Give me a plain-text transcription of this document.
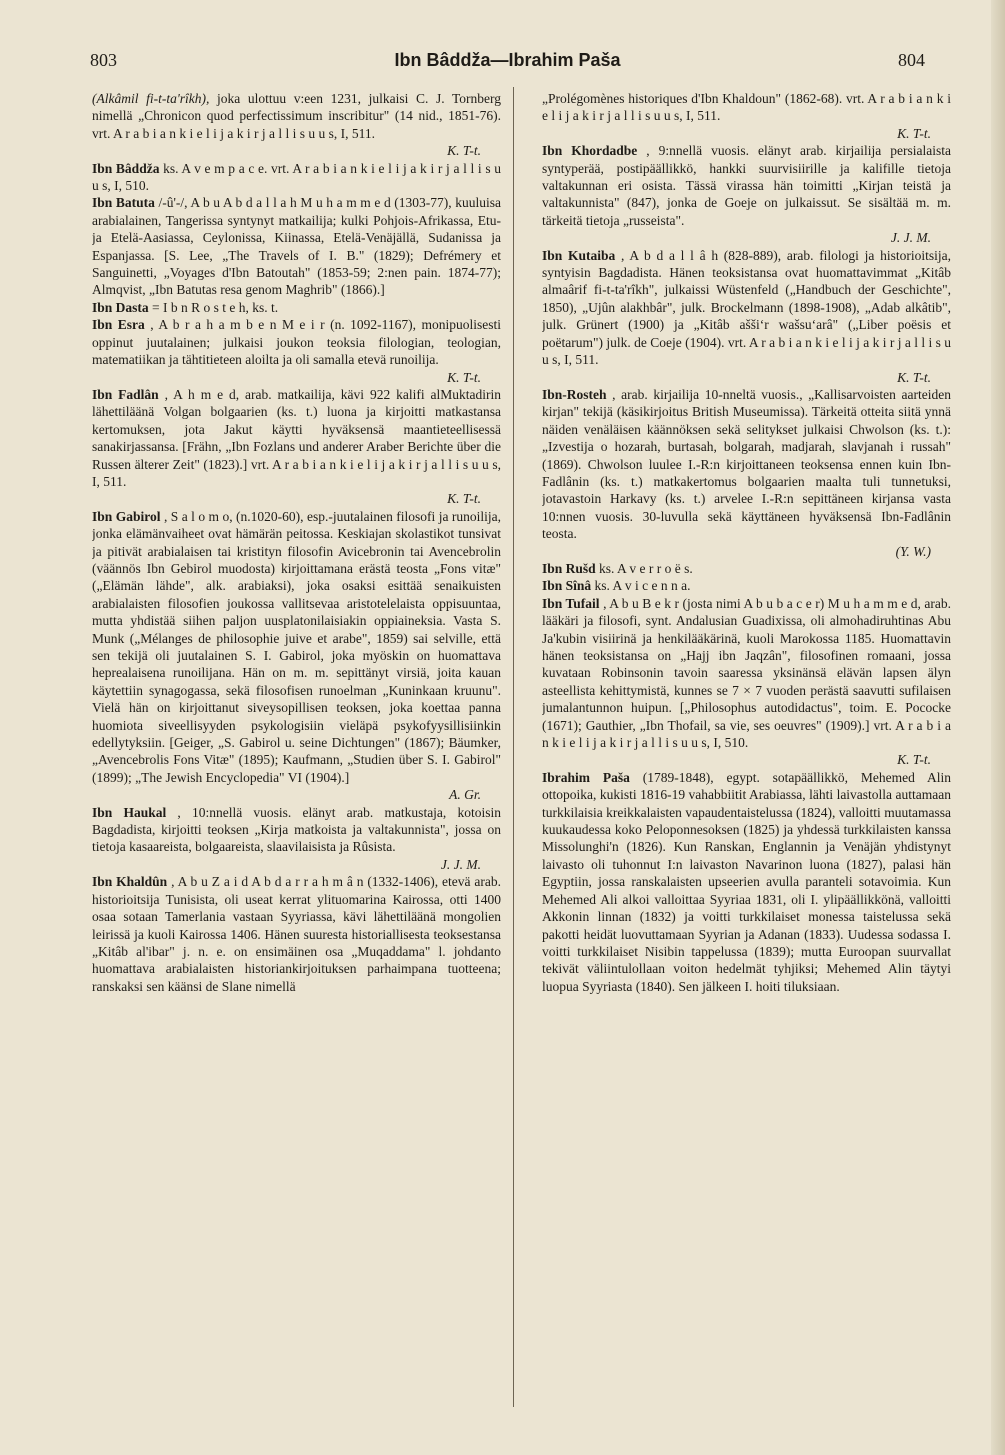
803	Ibn Bâddža—Ibrahim Paša	804

(Alkâmil fi-t-ta'rîkh), joka ulottuu v:een 1231, julkaisi C. J. Tornberg nimellä „Chronicon quod perfectissimum inscribitur" (14 nid., 1851-76). vrt. A r a b i a n k i e l i j a k i r j a l l i s u u s, I, 511.
K. T-t.

Ibn Bâddža ks. A v e m p a c e. vrt. A r a b i a n k i e l i j a k i r j a l l i s u u s, I, 510.

Ibn Batuta /-û'-/, A b u A b d a l l a h M u h a m m e d (1303-77), kuuluisa arabialainen, Tangerissa syntynyt matkailija; kulki Pohjois-Afrikassa, Etu- ja Etelä-Aasiassa, Ceylonissa, Kiinassa, Etelä-Venäjällä, Sudanissa ja Espanjassa. [S. Lee, „The Travels of I. B." (1829); Defrémery et Sanguinetti, „Voyages d'Ibn Batoutah" (1853-59; 2:nen pain. 1874-77); Almqvist, „Ibn Batutas resa genom Maghrib" (1866).]

Ibn Dasta = I b n R o s t e h, ks. t.

Ibn Esra , A b r a h a m b e n M e i r (n. 1092-1167), monipuolisesti oppinut juutalainen; julkaisi joukon teoksia filologian, teologian, matematiikan ja tähtitieteen aloilta ja oli samalla etevä runoilija.
K. T-t.

Ibn Fadlân , A h m e d, arab. matkailija, kävi 922 kalifi alMuktadirin lähettiläänä Volgan bolgaarien (ks. t.) luona ja kirjoitti matkastansa kertomuksen, jota Jakut käytti hyväksensä maantieteellisessä sanakirjassansa. [Frähn, „Ibn Fozlans und anderer Araber Berichte über die Russen älterer Zeit" (1823).] vrt. A r a b i a n k i e l i j a k i r j a l l i s u u s, I, 511.
K. T-t.

Ibn Gabirol , S a l o m o, (n.1020-60), esp.-juutalainen filosofi ja runoilija, jonka elämänvaiheet ovat hämärän peitossa. Keskiajan skolastikot tunsivat ja pitivät arabialaisen tai kristityn filosofin Avicebronin tai Avencebrolin (väännös Ibn Gebirol muodosta) kirjoittamana erästä teosta „Fons vitæ" („Elämän lähde", alk. arabiaksi), joka osaksi esittää senaikuisten arabialaisten filosofien joukossa vallitsevaa aristotelelaista oppisuuntaa, mutta yhdistää siihen paljon uusplatonilaisiakin oppiaineksia. Vasta S. Munk („Mélanges de philosophie juive et arabe", 1859) sai selville, että sen tekijä oli juutalainen S. I. Gabirol, joka myöskin on huomattava heprealaisena runoilijana. Hän on m. m. sepittänyt virsiä, joita kauan käytettiin synagogassa, sekä filosofisen runoelman „Kuninkaan kruunu". Vielä hän on kirjoittanut siveysopillisen teoksen, joka koettaa panna huomiota siveellisyyden psykologisiin vieläpä psykofyysillisiinkin edellytyksiin. [Geiger, „S. Gabirol u. seine Dichtungen" (1867); Bäumker, „Avencebrolis Fons Vitæ" (1895); Kaufmann, „Studien über S. I. Gabirol" (1899); „The Jewish Encyclopedia" VI (1904).]
A. Gr.

Ibn Haukal , 10:nnellä vuosis. elänyt arab. matkustaja, kotoisin Bagdadista, kirjoitti teoksen „Kirja matkoista ja valtakunnista", jossa on tietoja kasaareista, bolgaareista, slaavilaisista ja Rûsista.
J. J. M.

Ibn Khaldûn , A b u Z a i d A b d a r r a h m â n (1332-1406), etevä arab. historioitsija Tunisista, oli useat kerrat ylituomarina Kairossa, otti 1400 osaa sotaan Tamerlania vastaan Syyriassa, kävi lähettiläänä mongolien leirissä ja kuoli Kairossa 1406. Hänen suuresta historiallisesta teoksestansa „Kitâb al'ibar" j. n. e. on ensimäinen osa „Muqaddama" l. johdanto huomattava arabialaisten historiankirjoituksen parhaimpana tuotteena; ranskaksi sen käänsi de Slane nimellä

„Prolégomènes historiques d'Ibn Khaldoun" (1862-68). vrt. A r a b i a n k i e l i j a k i r j a l l i s u u s, I, 511.
K. T-t.

Ibn Khordadbe , 9:nnellä vuosis. elänyt arab. kirjailija persialaista syntyperää, postipäällikkö, hankki suurvisiirille ja kalifille tietoja valtakunnan eri osista. Tässä virassa hän toimitti „Kirjan teistä ja valtakunnista" (847), jonka de Goeje on julkaissut. Se sisältää m. m. tärkeitä tietoja „russeista".
J. J. M.

Ibn Kutaiba , A b d a l l â h (828-889), arab. filologi ja historioitsija, syntyisin Bagdadista. Hänen teoksistansa ovat huomattavimmat „Kitâb almaârif fi-t-ta'rîkh", julkaissi Wüstenfeld („Handbuch der Geschichte", 1850), „Ujûn alakhbâr", julk. Brockelmann (1898-1908), „Adab alkâtib", julk. Grünert (1900) ja „Kitâb aššiʻr wašsuʻarâ" („Liber poësis et poëtarum") julk. de Coeje (1904). vrt. A r a b i a n k i e l i j a k i r j a l l i s u u s, I, 511.
K. T-t.

Ibn-Rosteh , arab. kirjailija 10-nneltä vuosis., „Kallisarvoisten aarteiden kirjan" tekijä (käsikirjoitus British Museumissa). Tärkeitä otteita siitä ynnä näiden venäläisen käännöksen sekä selitykset julkaisi Chwolson (ks. t.): „Izvestija o hozarah, burtasah, bolgarah, madjarah, slavjanah i russah" (1869). Chwolson luulee I.-R:n kirjoittaneen teoksensa ennen kuin Ibn-Fadlânin (ks. t.) matkakertomus bolgaarien maalta tuli tunnetuksi, jotavastoin Harkavy (ks. t.) arvelee I.-R:n sepittäneen kirjansa vasta 10:nnen vuosis. 30-luvulla sekä käyttäneen hyväksensä Ibn-Fadlânin teosta.
(Y. W.)

Ibn Rušd ks. A v e r r o ë s.

Ibn Sînâ ks. A v i c e n n a.

Ibn Tufail , A b u B e k r (josta nimi A b u b a c e r) M u h a m m e d, arab. lääkäri ja filosofi, synt. Andalusian Guadixissa, oli almohadiruhtinas Abu Ja'kubin visiirinä ja henkilääkärinä, kuoli Marokossa 1185. Huomattavin hänen teoksistansa on „Hajj ibn Jaqzân", filosofinen romaani, jossa kuvataan Robinsonin tavoin saaressa yksinänsä elävän lapsen älyn asteellista kehittymistä, kunnes se 7 × 7 vuoden perästä saavutti sufilaisen jumalantunnon huipun. [„Philosophus autodidactus", toim. E. Pococke (1671); Gauthier, „Ibn Thofail, sa vie, ses oeuvres" (1909).] vrt. A r a b i a n k i e l i j a k i r j a l l i s u u s, I, 510.
K. T-t.

Ibrahim Paša (1789-1848), egypt. sotapäällikkö, Mehemed Alin ottopoika, kukisti 1816-19 vahabbiitit Arabiassa, lähti laivastolla auttamaan turkkilaisia kreikkalaisten vapaudentaistelussa (1824), valloitti muutamassa kuukaudessa koko Peloponnesoksen (1825) ja yhdessä turkkilaisten kanssa Missolunghi'n (1826). Kun Ranskan, Englannin ja Venäjän yhdistynyt laivasto oli tuhonnut I:n laivaston Navarinon luona (1827), palasi hän Egyptiin, jossa ranskalaisten upseerien avulla paranteli sotavoimia. Kun Mehemed Ali alkoi valloittaa Syyriaa 1831, oli I. ylipäällikkönä, valloitti Akkonin linnan (1832) ja voitti turkkilaiset monessa taistelussa sekä pakotti heidät luovuttamaan Syyrian ja Adanan (1833). Uudessa sodassa I. voitti turkkilaiset Nisibin tappelussa (1839); mutta Euroopan suurvallat tekivät väliintulollaan voiton hedelmät tyhjiksi; Mehemed Alin täytyi luopua Syyriasta (1840). Sen jälkeen I. hoiti tiluksiaan.
